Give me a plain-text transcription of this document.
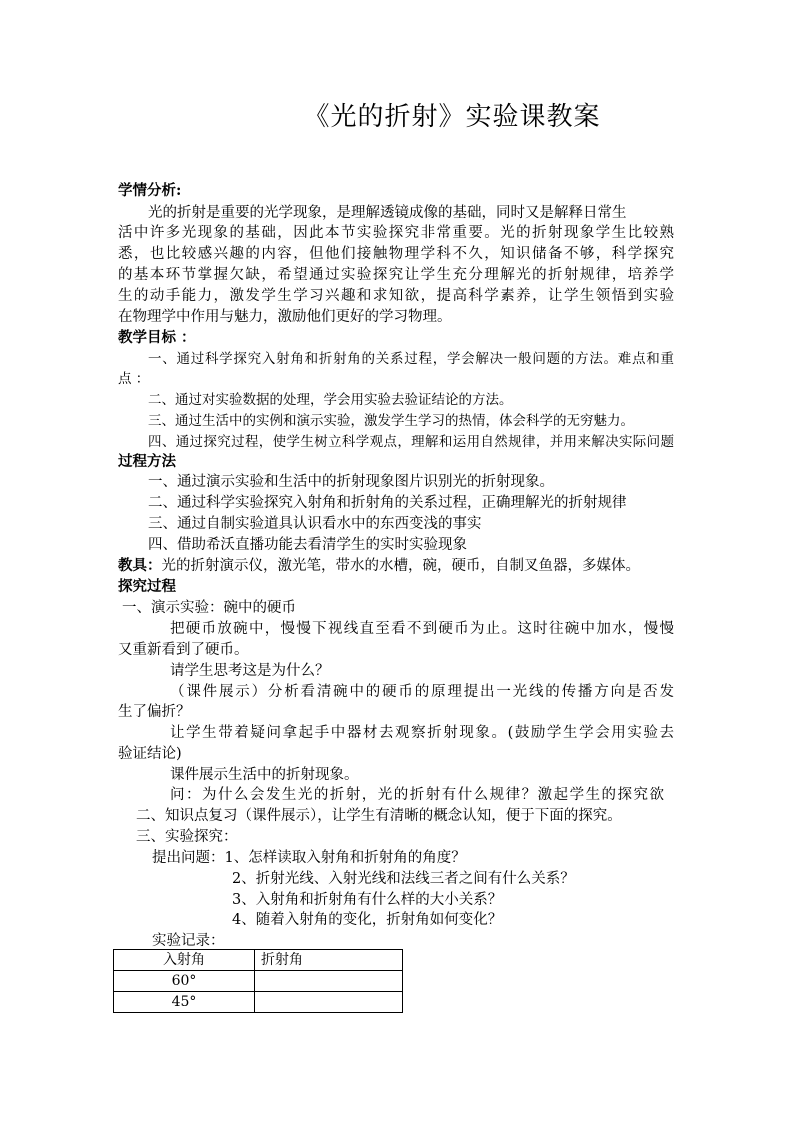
《光的折射》实验课教案
学情分析:
光的折射是重要的光学现象，是理解透镜成像的基础，同时又是解释日常生
活中许多光现象的基础，因此本节实验探究非常重要。光的折射现象学生比较熟
悉，也比较感兴趣的内容，但他们接触物理学科不久，知识储备不够，科学探究
的基本环节掌握欠缺，希望通过实验探究让学生充分理解光的折射规律，培养学
生的动手能力，激发学生学习兴趣和求知欲，提高科学素养，让学生领悟到实验
在物理学中作用与魅力，激励他们更好的学习物理。
教学目标 ：
一、通过科学探究入射角和折射角的关系过程，学会解决一般问题的方法。难点和重
点 ：
二、通过对实验数据的处理，学会用实验去验证结论的方法。
三、通过生活中的实例和演示实验，激发学生学习的热情，体会科学的无穷魅力。
四、通过探究过程，使学生树立科学观点，理解和运用自然规律，并用来解决实际问题
过程方法
一、通过演示实验和生活中的折射现象图片识别光的折射现象。
二、通过科学实验探究入射角和折射角的关系过程，正确理解光的折射规律
三、通过自制实验道具认识看水中的东西变浅的事实
四、借助希沃直播功能去看清学生的实时实验现象
教具：光的折射演示仪，激光笔，带水的水槽，碗，硬币，自制叉鱼器，多媒体。
探究过程
一、演示实验：碗中的硬币
把硬币放碗中，慢慢下视线直至看不到硬币为止。这时往碗中加水，慢慢
又重新看到了硬币。
请学生思考这是为什么？
（课件展示）分析看清碗中的硬币的原理提出一光线的传播方向是否发
生了偏折？
让学生带着疑问拿起手中器材去观察折射现象。(鼓励学生学会用实验去
验证结论)
课件展示生活中的折射现象。
问：为什么会发生光的折射，光的折射有什么规律？激起学生的探究欲
二、知识点复习（课件展示），让学生有清晰的概念认知，便于下面的探究。
三、实验探究：
提出问题：1、怎样读取入射角和折射角的角度？
2、折射光线、入射光线和法线三者之间有什么关系？
3、入射角和折射角有什么样的大小关系？
4、随着入射角的变化，折射角如何变化？
实验记录：
入射角	折射角
60°	
45°	
